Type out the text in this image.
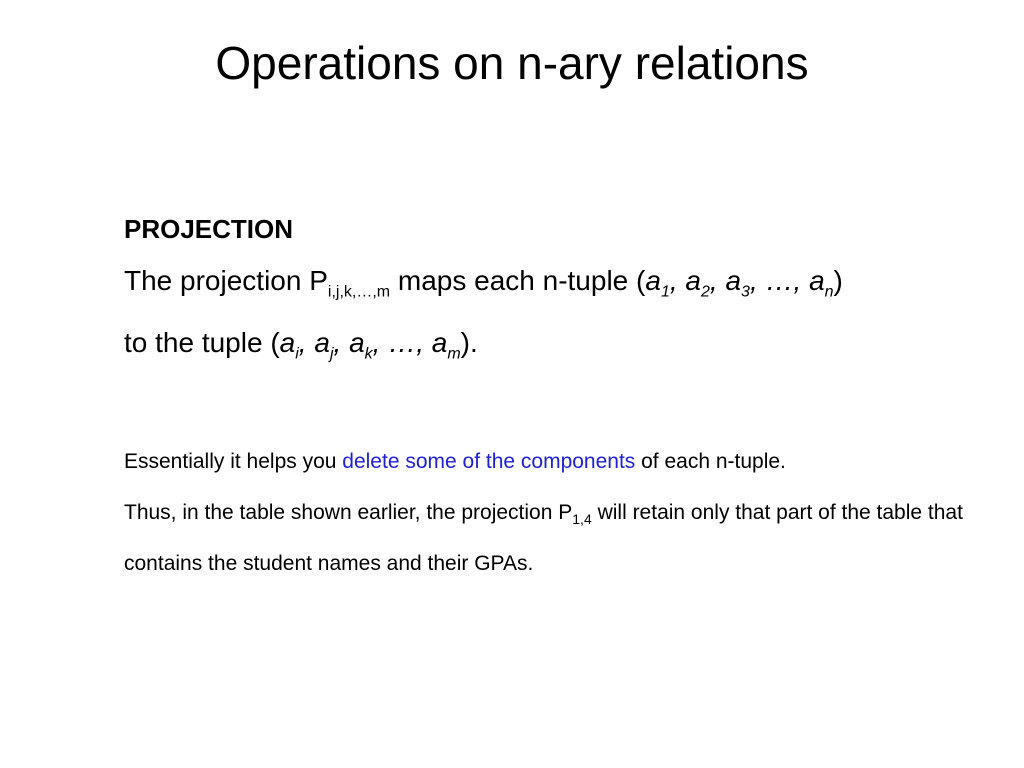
Operations on n-ary relations

PROJECTION

The projection $P_{i,j,k,\dots,m}$ maps each n-tuple ($a_1$, $a_2$, $a_3$, …, $a_n$)

to the tuple ($a_i$, $a_j$, $a_k$, …, $a_m$).

Essentially it helps you delete some of the components of each n-tuple.
Thus, in the table shown earlier, the projection $P_{1,4}$ will retain only that part of the table that contains the student names and their GPAs.
